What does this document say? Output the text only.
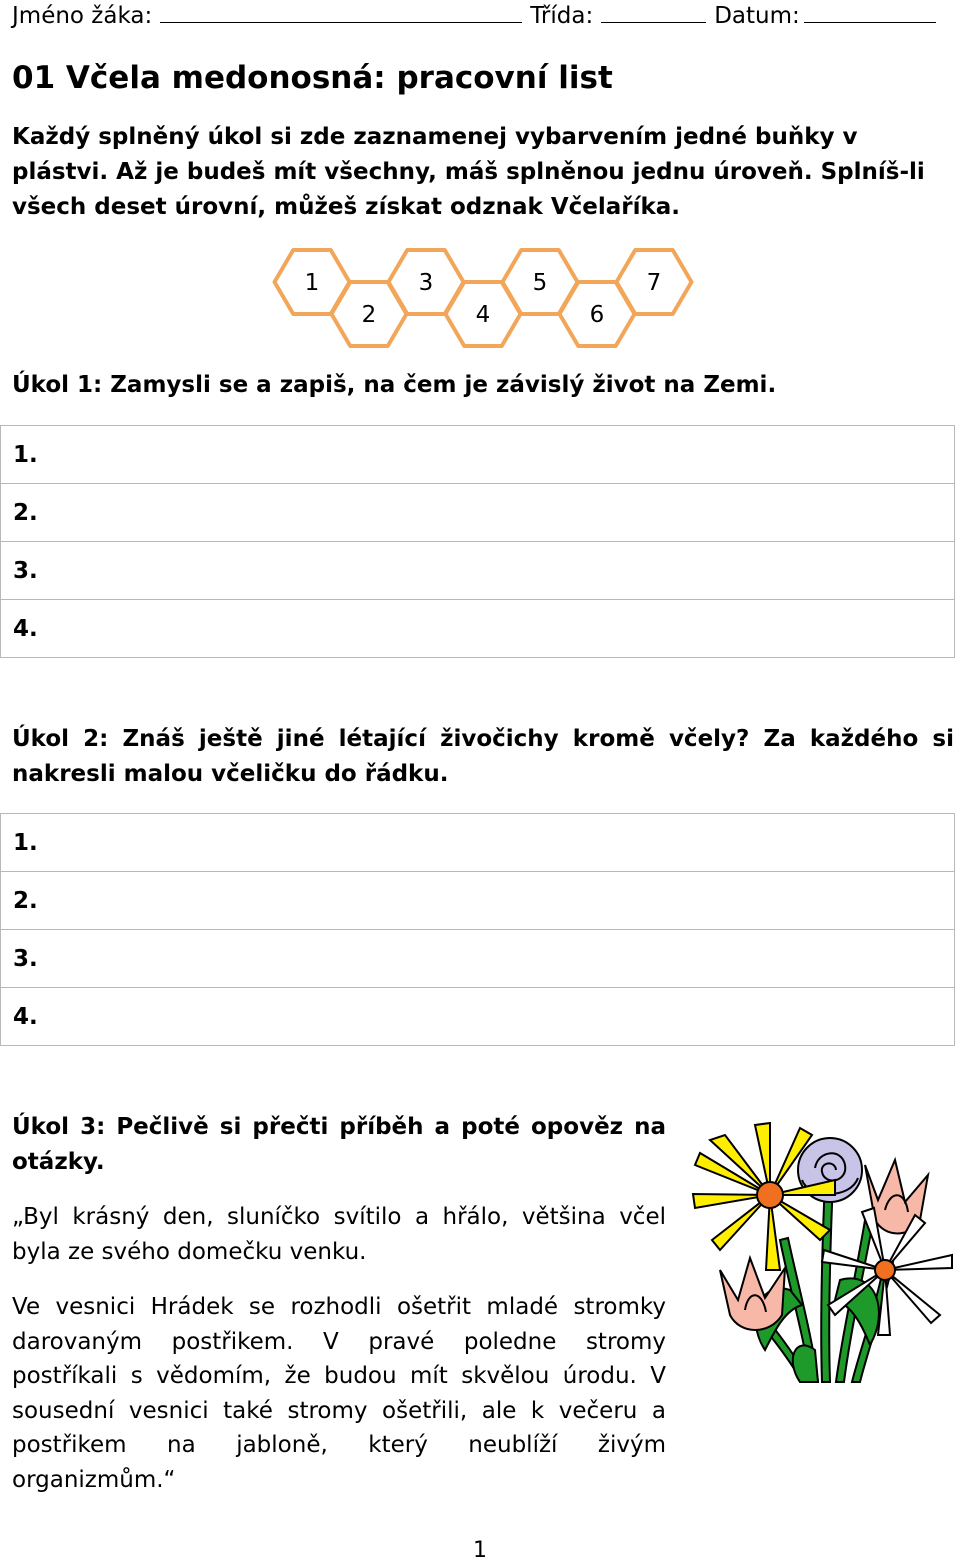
Jméno žáka:	Třída:	Datum:
01 Včela medonosná: pracovní list
Každý splněný úkol si zde zaznamenej vybarvením jedné buňky v plástvi. Až je budeš mít všechny, máš splněnou jednu úroveň. Splníš-li všech deset úrovní, můžeš získat odznak Včelaříka.
1
2
3
4
5
6
7
Úkol 1: Zamysli se a zapiš, na čem je závislý život na Zemi.
1.
2.
3.
4.
Úkol 2: Znáš ještě jiné létající živočichy kromě včely? Za každého si nakresli malou včeličku do řádku.
1.
2.
3.
4.
Úkol 3: Pečlivě si přečti příběh a poté opověz na otázky.
„Byl krásný den, sluníčko svítilo a hřálo, většina včel byla ze svého domečku venku.
Ve vesnici Hrádek se rozhodli ošetřit mladé stromky darovaným postřikem. V pravé poledne stromy postříkali s vědomím, že budou mít skvělou úrodu. V sousední vesnici také stromy ošetřili, ale k večeru a postřikem na jabloně, který neublíží živým organizmům.“
1
